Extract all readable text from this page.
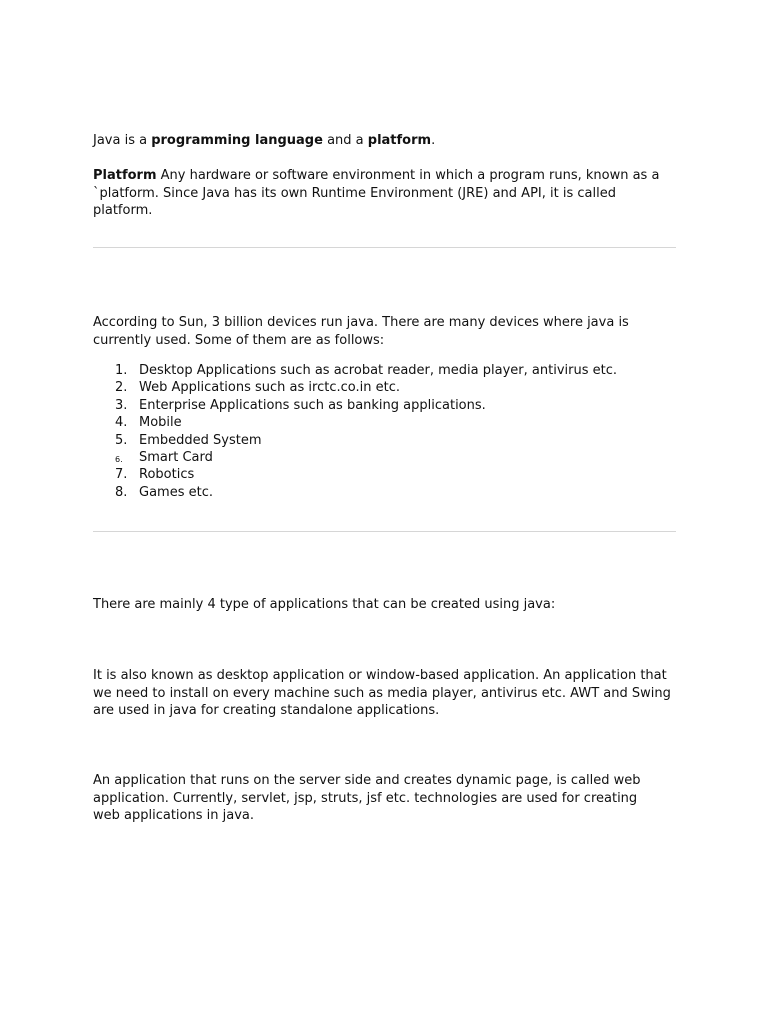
Java is a programming language and a platform.

Platform Any hardware or software environment in which a program runs, known as a `platform. Since Java has its own Runtime Environment (JRE) and API, it is called platform.

According to Sun, 3 billion devices run java. There are many devices where java is currently used. Some of them are as follows:

1. Desktop Applications such as acrobat reader, media player, antivirus etc.
2. Web Applications such as irctc.co.in etc.
3. Enterprise Applications such as banking applications.
4. Mobile
5. Embedded System
6.	Smart Card
7. Robotics
8. Games etc.

There are mainly 4 type of applications that can be created using java:

It is also known as desktop application or window-based application. An application that we need to install on every machine such as media player, antivirus etc. AWT and Swing are used in java for creating standalone applications.

An application that runs on the server side and creates dynamic page, is called web application. Currently, servlet, jsp, struts, jsf etc. technologies are used for creating web applications in java.
